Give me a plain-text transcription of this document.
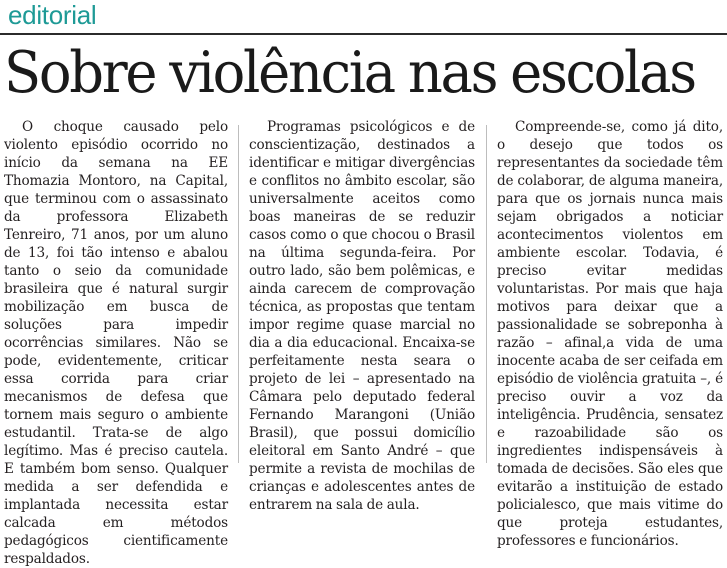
editorial
Sobre violência nas escolas

O choque causado pelo violento episódio ocorrido no início da semana na EE Thomazia Montoro, na Capital, que terminou com o assassinato da professora Elizabeth Tenreiro, 71 anos, por um aluno de 13, foi tão intenso e abalou tanto o seio da comunidade brasileira que é natural surgir mobilização em busca de soluções para impedir ocorrências similares. Não se pode, evidentemente, criticar essa corrida para criar mecanismos de defesa que tornem mais seguro o ambiente estudantil. Trata-se de algo legítimo. Mas é preciso cautela. E também bom senso. Qualquer medida a ser defendida e implantada necessita estar calcada em métodos pedagógicos cientificamente respaldados.

Programas psicológicos e de conscientização, destinados a identificar e mitigar divergências e conflitos no âmbito escolar, são universalmente aceitos como boas maneiras de se reduzir casos como o que chocou o Brasil na última segunda-feira. Por outro lado, são bem polêmicas, e ainda carecem de comprovação técnica, as propostas que tentam impor regime quase marcial no dia a dia educacional. Encaixa-se perfeitamente nesta seara o projeto de lei – apresentado na Câmara pelo deputado federal Fernando Marangoni (União Brasil), que possui domicílio eleitoral em Santo André – que permite a revista de mochilas de crianças e adolescentes antes de entrarem na sala de aula.

Compreende-se, como já dito, o desejo que todos os representantes da sociedade têm de colaborar, de alguma maneira, para que os jornais nunca mais sejam obrigados a noticiar acontecimentos violentos em ambiente escolar. Todavia, é preciso evitar medidas voluntaristas. Por mais que haja motivos para deixar que a passionalidade se sobreponha à razão – afinal,a vida de uma inocente acaba de ser ceifada em episódio de violência gratuita –, é preciso ouvir a voz da inteligência. Prudência, sensatez e razoabilidade são os ingredientes indispensáveis à tomada de decisões. São eles que evitarão a instituição de estado policialesco, que mais vitime do que proteja estudantes, professores e funcionários.
